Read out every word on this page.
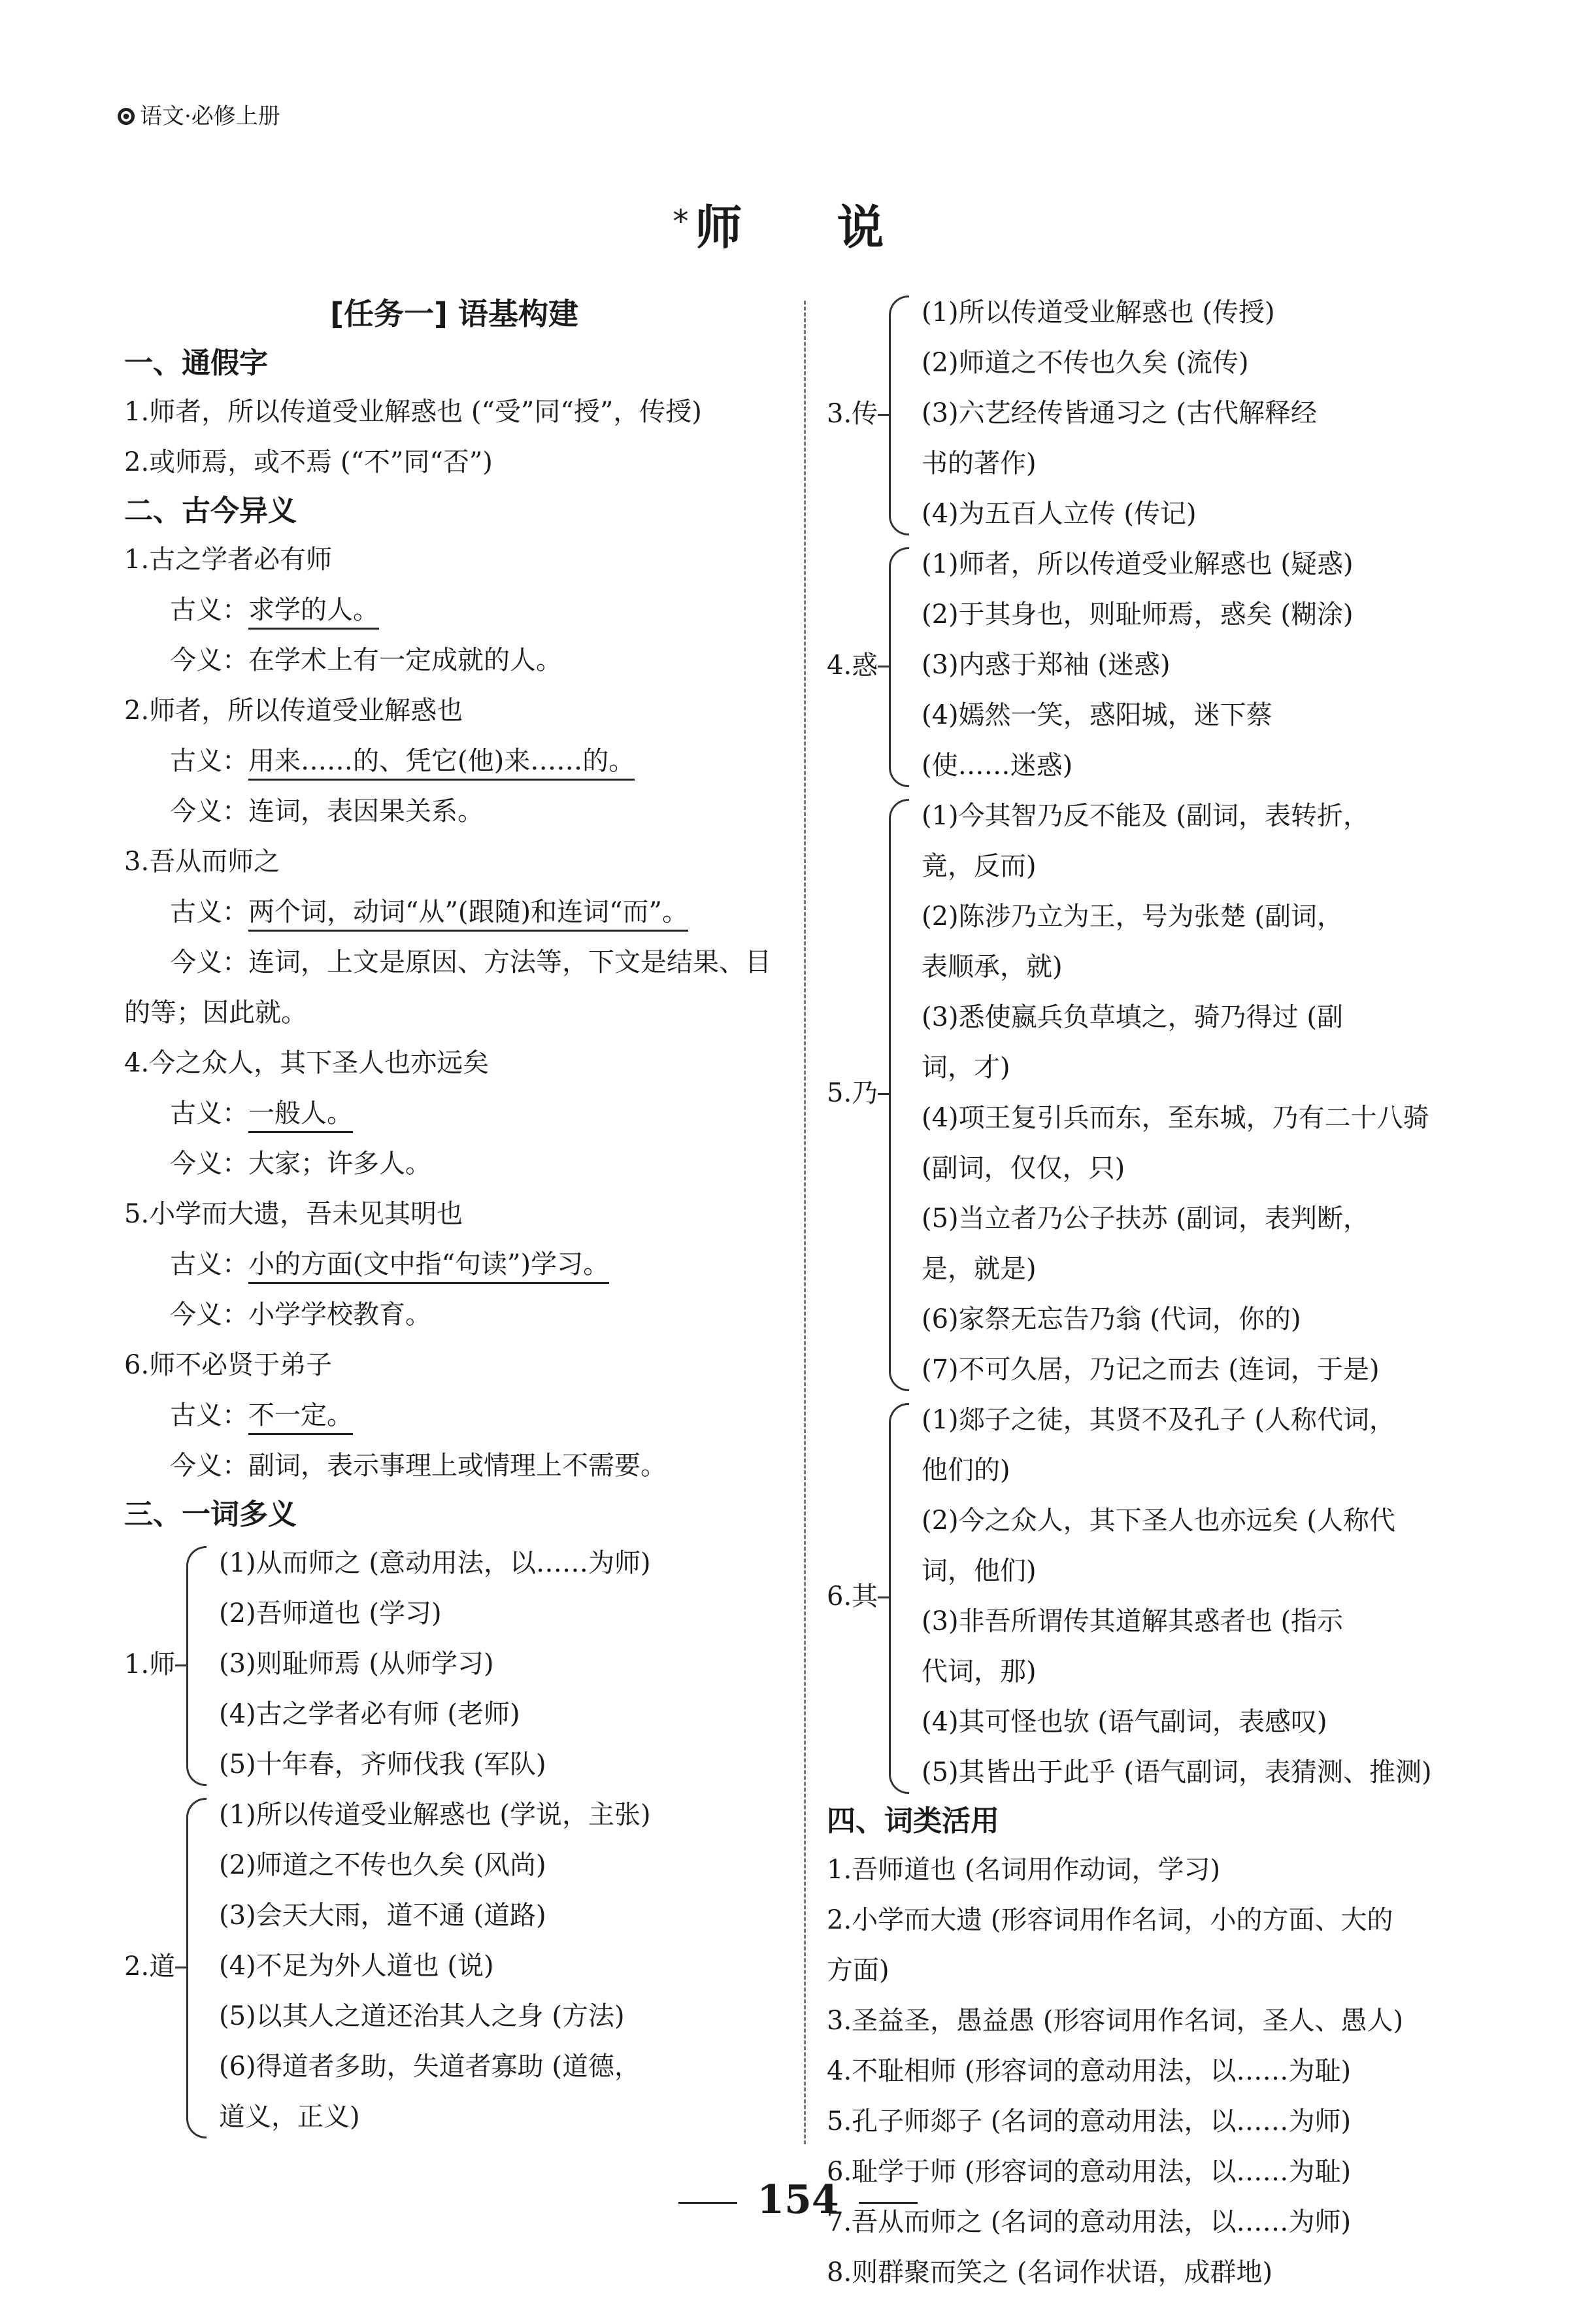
语文·必修上册
*师 说
[任务一] 语基构建
一、通假字
1.师者，所以传道受业解惑也 (“受”同“授”，传授)
2.或师焉，或不焉 (“不”同“否”)
二、古今异义
1.古之学者必有师
古义：求学的人。
今义：在学术上有一定成就的人。
2.师者，所以传道受业解惑也
古义：用来……的、凭它(他)来……的。
今义：连词，表因果关系。
3.吾从而师之
古义：两个词，动词“从”(跟随)和连词“而”。
今义：连词，上文是原因、方法等，下文是结果、目
的等；因此就。
4.今之众人，其下圣人也亦远矣
古义：一般人。
今义：大家；许多人。
5.小学而大遗，吾未见其明也
古义：小的方面(文中指“句读”)学习。
今义：小学学校教育。
6.师不必贤于弟子
古义：不一定。
今义：副词，表示事理上或情理上不需要。
三、一词多义
1.师
(1)从而师之 (意动用法，以……为师)
(2)吾师道也 (学习)
(3)则耻师焉 (从师学习)
(4)古之学者必有师 (老师)
(5)十年春，齐师伐我 (军队)
2.道
(1)所以传道受业解惑也 (学说，主张)
(2)师道之不传也久矣 (风尚)
(3)会天大雨，道不通 (道路)
(4)不足为外人道也 (说)
(5)以其人之道还治其人之身 (方法)
(6)得道者多助，失道者寡助 (道德，
道义，正义)
3.传
(1)所以传道受业解惑也 (传授)
(2)师道之不传也久矣 (流传)
(3)六艺经传皆通习之 (古代解释经
书的著作)
(4)为五百人立传 (传记)
4.惑
(1)师者，所以传道受业解惑也 (疑惑)
(2)于其身也，则耻师焉，惑矣 (糊涂)
(3)内惑于郑袖 (迷惑)
(4)嫣然一笑，惑阳城，迷下蔡
(使……迷惑)
5.乃
(1)今其智乃反不能及 (副词，表转折，
竟，反而)
(2)陈涉乃立为王，号为张楚 (副词，
表顺承，就)
(3)悉使嬴兵负草填之，骑乃得过 (副
词，才)
(4)项王复引兵而东，至东城，乃有二十八骑
(副词，仅仅，只)
(5)当立者乃公子扶苏 (副词，表判断，
是，就是)
(6)家祭无忘告乃翁 (代词，你的)
(7)不可久居，乃记之而去 (连词，于是)
6.其
(1)郯子之徒，其贤不及孔子 (人称代词，
他们的)
(2)今之众人，其下圣人也亦远矣 (人称代
词，他们)
(3)非吾所谓传其道解其惑者也 (指示
代词，那)
(4)其可怪也欤 (语气副词，表感叹)
(5)其皆出于此乎 (语气副词，表猜测、推测)
四、词类活用
1.吾师道也 (名词用作动词，学习)
2.小学而大遗 (形容词用作名词，小的方面、大的
方面)
3.圣益圣，愚益愚 (形容词用作名词，圣人、愚人)
4.不耻相师 (形容词的意动用法，以……为耻)
5.孔子师郯子 (名词的意动用法，以……为师)
6.耻学于师 (形容词的意动用法，以……为耻)
7.吾从而师之 (名词的意动用法，以……为师)
8.则群聚而笑之 (名词作状语，成群地)
154
